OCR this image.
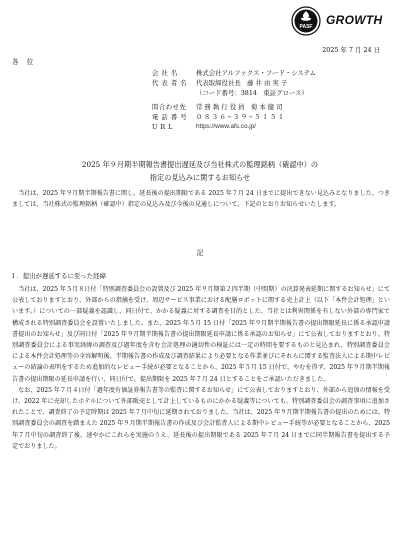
PASF GROWTH
2025 年 7 月 24 日
各 位
会 社 名	株式会社アルファクス・フード・システム
代 表 者 名	代表取締役社長　藤 井 由 実 子
（コード番号：3814　東証グロース）
問合わせ先	常 務 執 行 役 員　菊 本 健 司
電 話 番 号	０８３６−３９−５１５１
U R L	https://www.afs.co.jp/
2025 年９月期半期報告書提出遅延及び当社株式の監理銘柄（確認中）の
指定の見込みに関するお知らせ

当社は、2025 年９月期半期報告書に関し、延長後の提出期限である 2025 年７月 24 日までに提出できない見込みとなりました。つきましては、当社株式の監理銘柄（確認中）指定の見込み及び今後の見通しについて、下記のとおりお知らせいたします。

記
１．提出が遅延するに至った経緯

当社は、2025 年５月８日付「特別調査委員会の設置及び 2025 年９月期第２四半期（中間期）の決算発表延期に関するお知らせ」にて公表しておりますとおり、外部からの指摘を受け、周辺サービス事業における配膳ロボットに関する売上計上（以下「本件会計処理」といいます。）についての一部疑義を認識し、同日付で、かかる疑義に対する調査を目的とした、当社とは利害関係を有しない外部の専門家で構成される特別調査委員会を設置いたしました。また、2025 年５月 15 日付「2025 年９月期半期報告書の提出期限延長に係る承認申請書提出のお知らせ」及び同日付「2025 年９月期半期報告書の提出期限延長申請に係る承認のお知らせ」にて公表しておりますとおり、特別調査委員会による事実経緯の調査及び過年度を含む会計処理の適切性の検証には一定の時間を要するものと見込まれ、特別調査委員会による本件会計処理等の全容解明後、半期報告書の作成及び調査結果により必要となる作業並びにそれらに関する監査法人による期中レビューの結論の表明をするため追加的なレビュー手続が必要となることから、2025 年５月 15 日付で、やむを得ず、2025 年９月期半期報告書の提出期限の延長申請を行い、同日付で、提出期限を 2025 年７月 24 日とすることをご承認いただきました。

なお、2025 年７月４日付「過年度有価証券報告書等の監査に関するお知らせ」にて公表しておりますとおり、外部から追加の情報を受け、2022 年に売却したホテルについて外部販売として計上しているものにかかる疑義等についても、特別調査委員会の調査事項に追加されたことで、調査終了の予定時期は 2025 年７月中旬に延期されておりました。当社は、2025 年９月期半期報告書の提出のためには、特別調査委員会の調査を踏まえた 2025 年９月期半期報告書の作成及び会計監査人による期中レビュー手続等が必要となることから、2025 年７月中旬の調査終了後、速やかにこれらを実施のうえ、延長後の提出期限である 2025 年７月 24 日までに同半期報告書を提出する予定でおりました。
